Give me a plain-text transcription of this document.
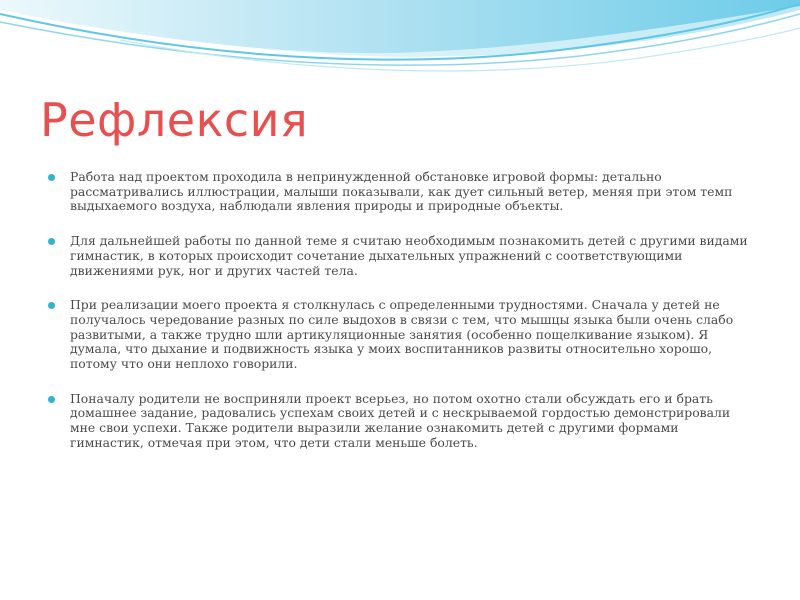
Рефлексия
Работа над проектом проходила в непринужденной обстановке игровой формы: детально рассматривались иллюстрации, малыши показывали, как дует сильный ветер, меняя при этом темп выдыхаемого воздуха, наблюдали явления природы и природные объекты.
Для дальнейшей работы по данной теме я считаю необходимым познакомить детей с другими видами гимнастик, в которых происходит сочетание дыхательных упражнений с соответствующими движениями рук, ног и других частей тела.
При реализации моего проекта я столкнулась с определенными трудностями. Сначала у детей не получалось чередование разных по силе выдохов в связи с тем, что мышцы языка были очень слабо развитыми, а также трудно шли артикуляционные занятия (особенно пощелкивание языком). Я думала, что дыхание и подвижность языка у моих воспитанников развиты относительно хорошо, потому что они неплохо говорили.
Поначалу родители не восприняли проект всерьез, но потом охотно стали обсуждать его и брать домашнее задание, радовались успехам своих детей и с нескрываемой гордостью демонстрировали мне свои успехи. Также родители выразили желание ознакомить детей с другими формами гимнастик, отмечая при этом, что дети стали меньше болеть.
